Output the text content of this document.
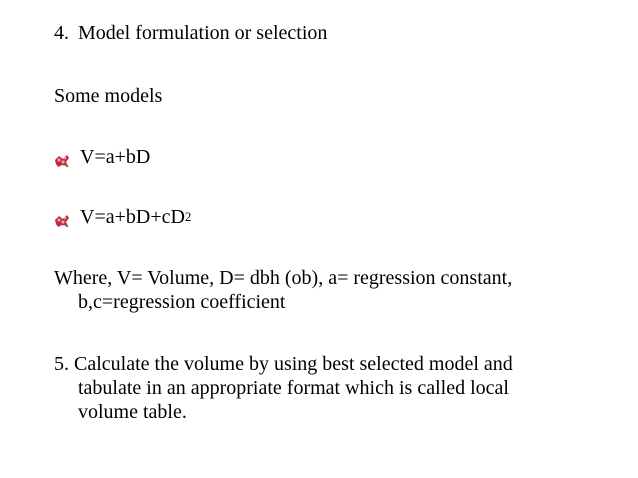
4. Model formulation or selection
Some models
V=a+bD
V=a+bD+cD 2
Where, V= Volume, D= dbh (ob), a= regression constant,
b,c=regression coefficient
5. Calculate the volume by using best selected model and
tabulate in an appropriate format which is called local
volume table.
